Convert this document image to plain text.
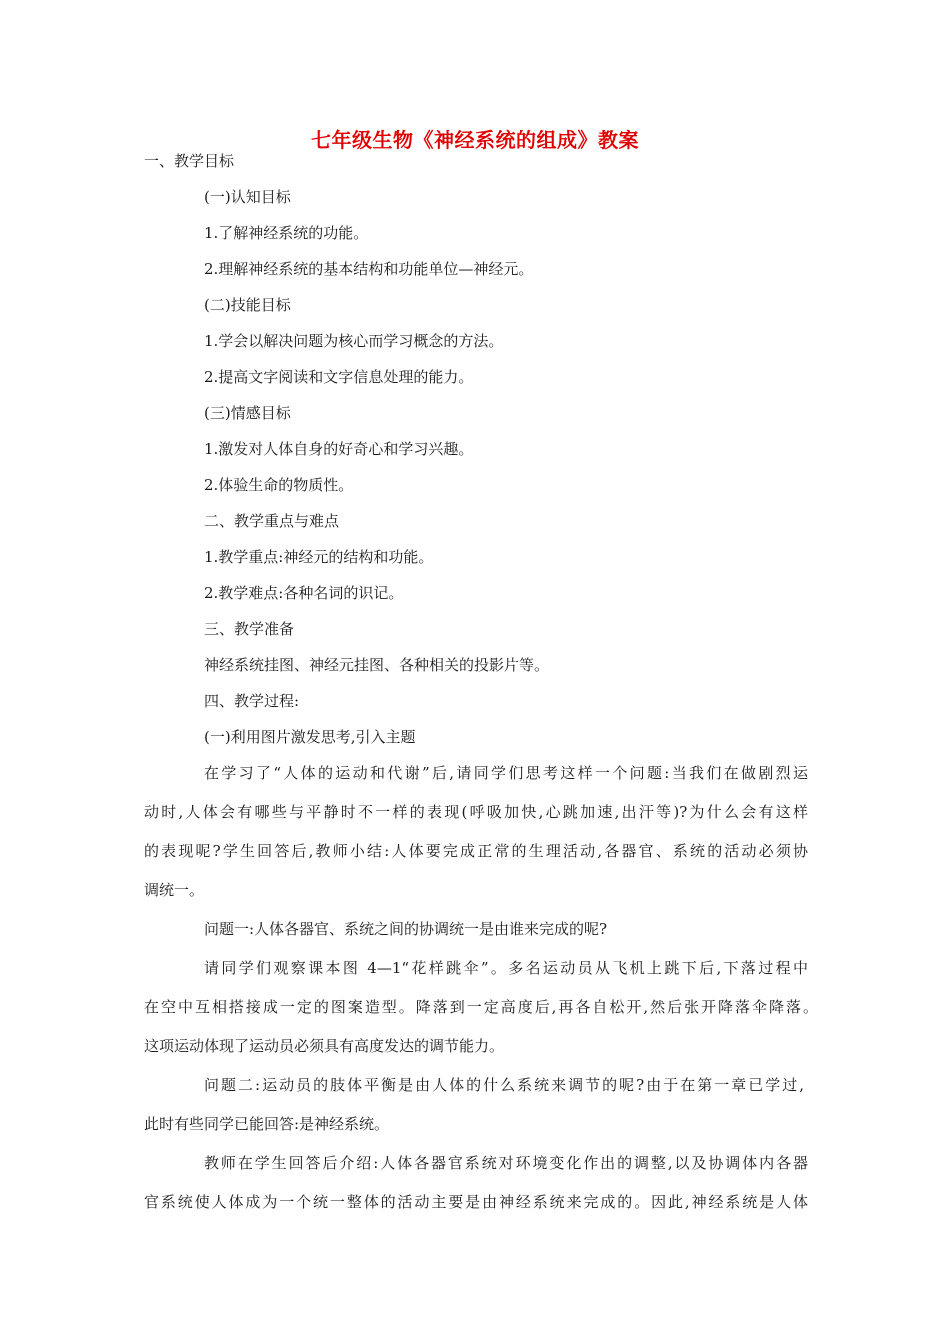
七年级生物《神经系统的组成》教案
一、教学目标
(一)认知目标
1.了解神经系统的功能。
2.理解神经系统的基本结构和功能单位—神经元。
(二)技能目标
1.学会以解决问题为核心而学习概念的方法。
2.提高文字阅读和文字信息处理的能力。
(三)情感目标
1.激发对人体自身的好奇心和学习兴趣。
2.体验生命的物质性。
二、教学重点与难点
1.教学重点:神经元的结构和功能。
2.教学难点:各种名词的识记。
三、教学准备
神经系统挂图、神经元挂图、各种相关的投影片等。
四、教学过程:
(一)利用图片激发思考,引入主题
在学习了“人体的运动和代谢”后,请同学们思考这样一个问题:当我们在做剧烈运
动时,人体会有哪些与平静时不一样的表现(呼吸加快,心跳加速,出汗等)?为什么会有这样
的表现呢?学生回答后,教师小结:人体要完成正常的生理活动,各器官、系统的活动必须协
调统一。
问题一:人体各器官、系统之间的协调统一是由谁来完成的呢?
请同学们观察课本图 4—1“花样跳伞”。多名运动员从飞机上跳下后,下落过程中
在空中互相搭接成一定的图案造型。降落到一定高度后,再各自松开,然后张开降落伞降落。
这项运动体现了运动员必须具有高度发达的调节能力。
问题二:运动员的肢体平衡是由人体的什么系统来调节的呢?由于在第一章已学过,
此时有些同学已能回答:是神经系统。
教师在学生回答后介绍:人体各器官系统对环境变化作出的调整,以及协调体内各器
官系统使人体成为一个统一整体的活动主要是由神经系统来完成的。因此,神经系统是人体
